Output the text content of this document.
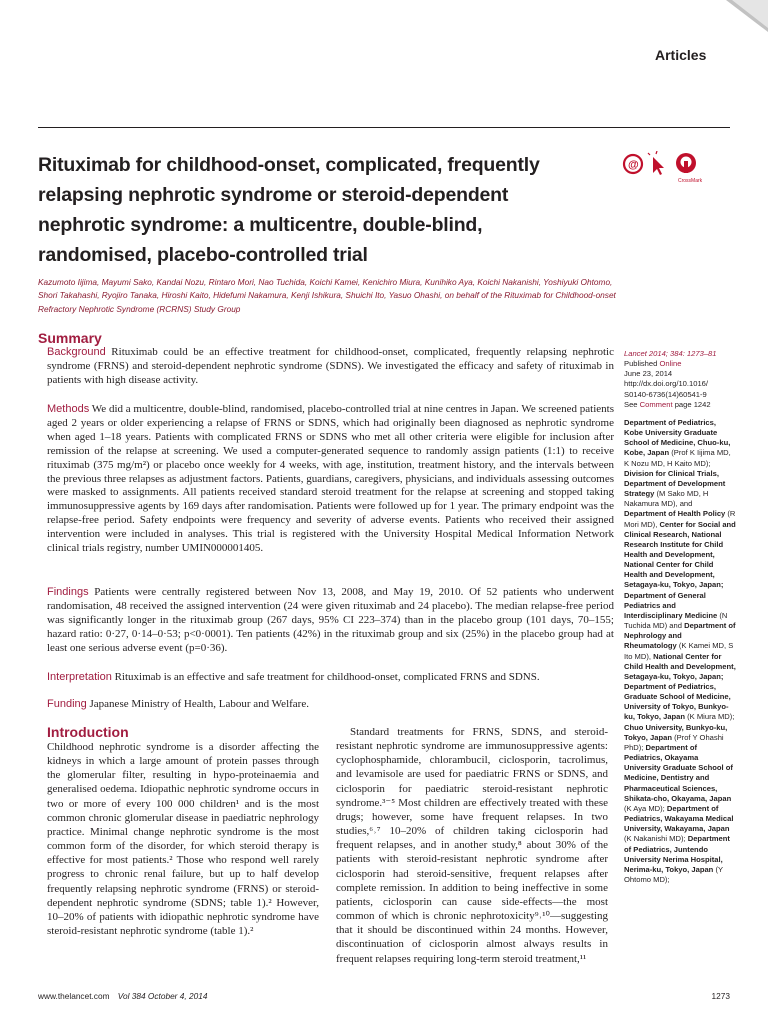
Articles
Rituximab for childhood-onset, complicated, frequently relapsing nephrotic syndrome or steroid-dependent nephrotic syndrome: a multicentre, double-blind, randomised, placebo-controlled trial
@
CrossMark
Kazumoto Iijima, Mayumi Sako, Kandai Nozu, Rintaro Mori, Nao Tuchida, Koichi Kamei, Kenichiro Miura, Kunihiko Aya, Koichi Nakanishi, Yoshiyuki Ohtomo, Shori Takahashi, Ryojiro Tanaka, Hiroshi Kaito, Hidefumi Nakamura, Kenji Ishikura, Shuichi Ito, Yasuo Ohashi, on behalf of the Rituximab for Childhood-onset Refractory Nephrotic Syndrome (RCRNS) Study Group
Summary

Background Rituximab could be an effective treatment for childhood-onset, complicated, frequently relapsing nephrotic syndrome (FRNS) and steroid-dependent nephrotic syndrome (SDNS). We investigated the efficacy and safety of rituximab in patients with high disease activity.

Methods We did a multicentre, double-blind, randomised, placebo-controlled trial at nine centres in Japan. We screened patients aged 2 years or older experiencing a relapse of FRNS or SDNS, which had originally been diagnosed as nephrotic syndrome when aged 1–18 years. Patients with complicated FRNS or SDNS who met all other criteria were eligible for inclusion after remission of the relapse at screening. We used a computer-generated sequence to randomly assign patients (1:1) to receive rituximab (375 mg/m²) or placebo once weekly for 4 weeks, with age, institution, treatment history, and the intervals between the previous three relapses as adjustment factors. Patients, guardians, caregivers, physicians, and individuals assessing outcomes were masked to assignments. All patients received standard steroid treatment for the relapse at screening and stopped taking immunosuppressive agents by 169 days after randomisation. Patients were followed up for 1 year. The primary endpoint was the relapse-free period. Safety endpoints were frequency and severity of adverse events. Patients who received their assigned intervention were included in analyses. This trial is registered with the University Hospital Medical Information Network clinical trials registry, number UMIN000001405.

Findings Patients were centrally registered between Nov 13, 2008, and May 19, 2010. Of 52 patients who underwent randomisation, 48 received the assigned intervention (24 were given rituximab and 24 placebo). The median relapse-free period was significantly longer in the rituximab group (267 days, 95% CI 223–374) than in the placebo group (101 days, 70–155; hazard ratio: 0·27, 0·14–0·53; p<0·0001). Ten patients (42%) in the rituximab group and six (25%) in the placebo group had at least one serious adverse event (p=0·36).

Interpretation Rituximab is an effective and safe treatment for childhood-onset, complicated FRNS and SDNS.

Funding Japanese Ministry of Health, Labour and Welfare.

Lancet 2014; 384: 1273–81
Published Online
June 23, 2014
http://dx.doi.org/10.1016/
S0140-6736(14)60541-9
See Comment page 1242
Department of Pediatrics, Kobe University Graduate School of Medicine, Chuo-ku, Kobe, Japan (Prof K Iijima MD, K Nozu MD, H Kaito MD); Division for Clinical Trials, Department of Development Strategy (M Sako MD, H Nakamura MD), and Department of Health Policy (R Mori MD), Center for Social and Clinical Research, National Research Institute for Child Health and Development, National Center for Child Health and Development, Setagaya-ku, Tokyo, Japan; Department of General Pediatrics and Interdisciplinary Medicine (N Tuchida MD) and Department of Nephrology and Rheumatology (K Kamei MD, S Ito MD), National Center for Child Health and Development, Setagaya-ku, Tokyo, Japan; Department of Pediatrics, Graduate School of Medicine, University of Tokyo, Bunkyo-ku, Tokyo, Japan (K Miura MD); Chuo University, Bunkyo-ku, Tokyo, Japan (Prof Y Ohashi PhD); Department of Pediatrics, Okayama University Graduate School of Medicine, Dentistry and Pharmaceutical Sciences, Shikata-cho, Okayama, Japan (K Aya MD); Department of Pediatrics, Wakayama Medical University, Wakayama, Japan (K Nakanishi MD); Department of Pediatrics, Juntendo University Nerima Hospital, Nerima-ku, Tokyo, Japan (Y Ohtomo MD);
Introduction

Childhood nephrotic syndrome is a disorder affecting the kidneys in which a large amount of protein passes through the glomerular filter, resulting in hypo-proteinaemia and generalised oedema. Idiopathic nephrotic syndrome occurs in two or more of every 100 000 children¹ and is the most common chronic glomerular disease in paediatric nephrology practice. Minimal change nephrotic syndrome is the most common form of the disorder, for which steroid therapy is effective for most patients.² Those who respond well rarely progress to chronic renal failure, but up to half develop frequently relapsing nephrotic syndrome (FRNS) or steroid-dependent nephrotic syndrome (SDNS; table 1).² However, 10–20% of patients with idiopathic nephrotic syndrome have steroid-resistant nephrotic syndrome (table 1).²

Standard treatments for FRNS, SDNS, and steroid-resistant nephrotic syndrome are immunosuppressive agents: cyclophosphamide, chlorambucil, ciclosporin, tacrolimus, and levamisole are used for paediatric FRNS or SDNS, and ciclosporin for paediatric steroid-resistant nephrotic syndrome.³⁻⁵ Most children are effectively treated with these drugs; however, some have frequent relapses. In two studies,⁶˒⁷ 10–20% of children taking ciclosporin had frequent relapses, and in another study,⁸ about 30% of the patients with steroid-resistant nephrotic syndrome after ciclosporin had steroid-sensitive, frequent relapses after complete remission. In addition to being ineffective in some patients, ciclosporin can cause side-effects—the most common of which is chronic nephrotoxicity⁹˒¹⁰—suggesting that it should be discontinued within 24 months. However, discontinuation of ciclosporin almost always results in frequent relapses requiring long-term steroid treatment,¹¹

www.thelancet.com Vol 384 October 4, 2014	1273
